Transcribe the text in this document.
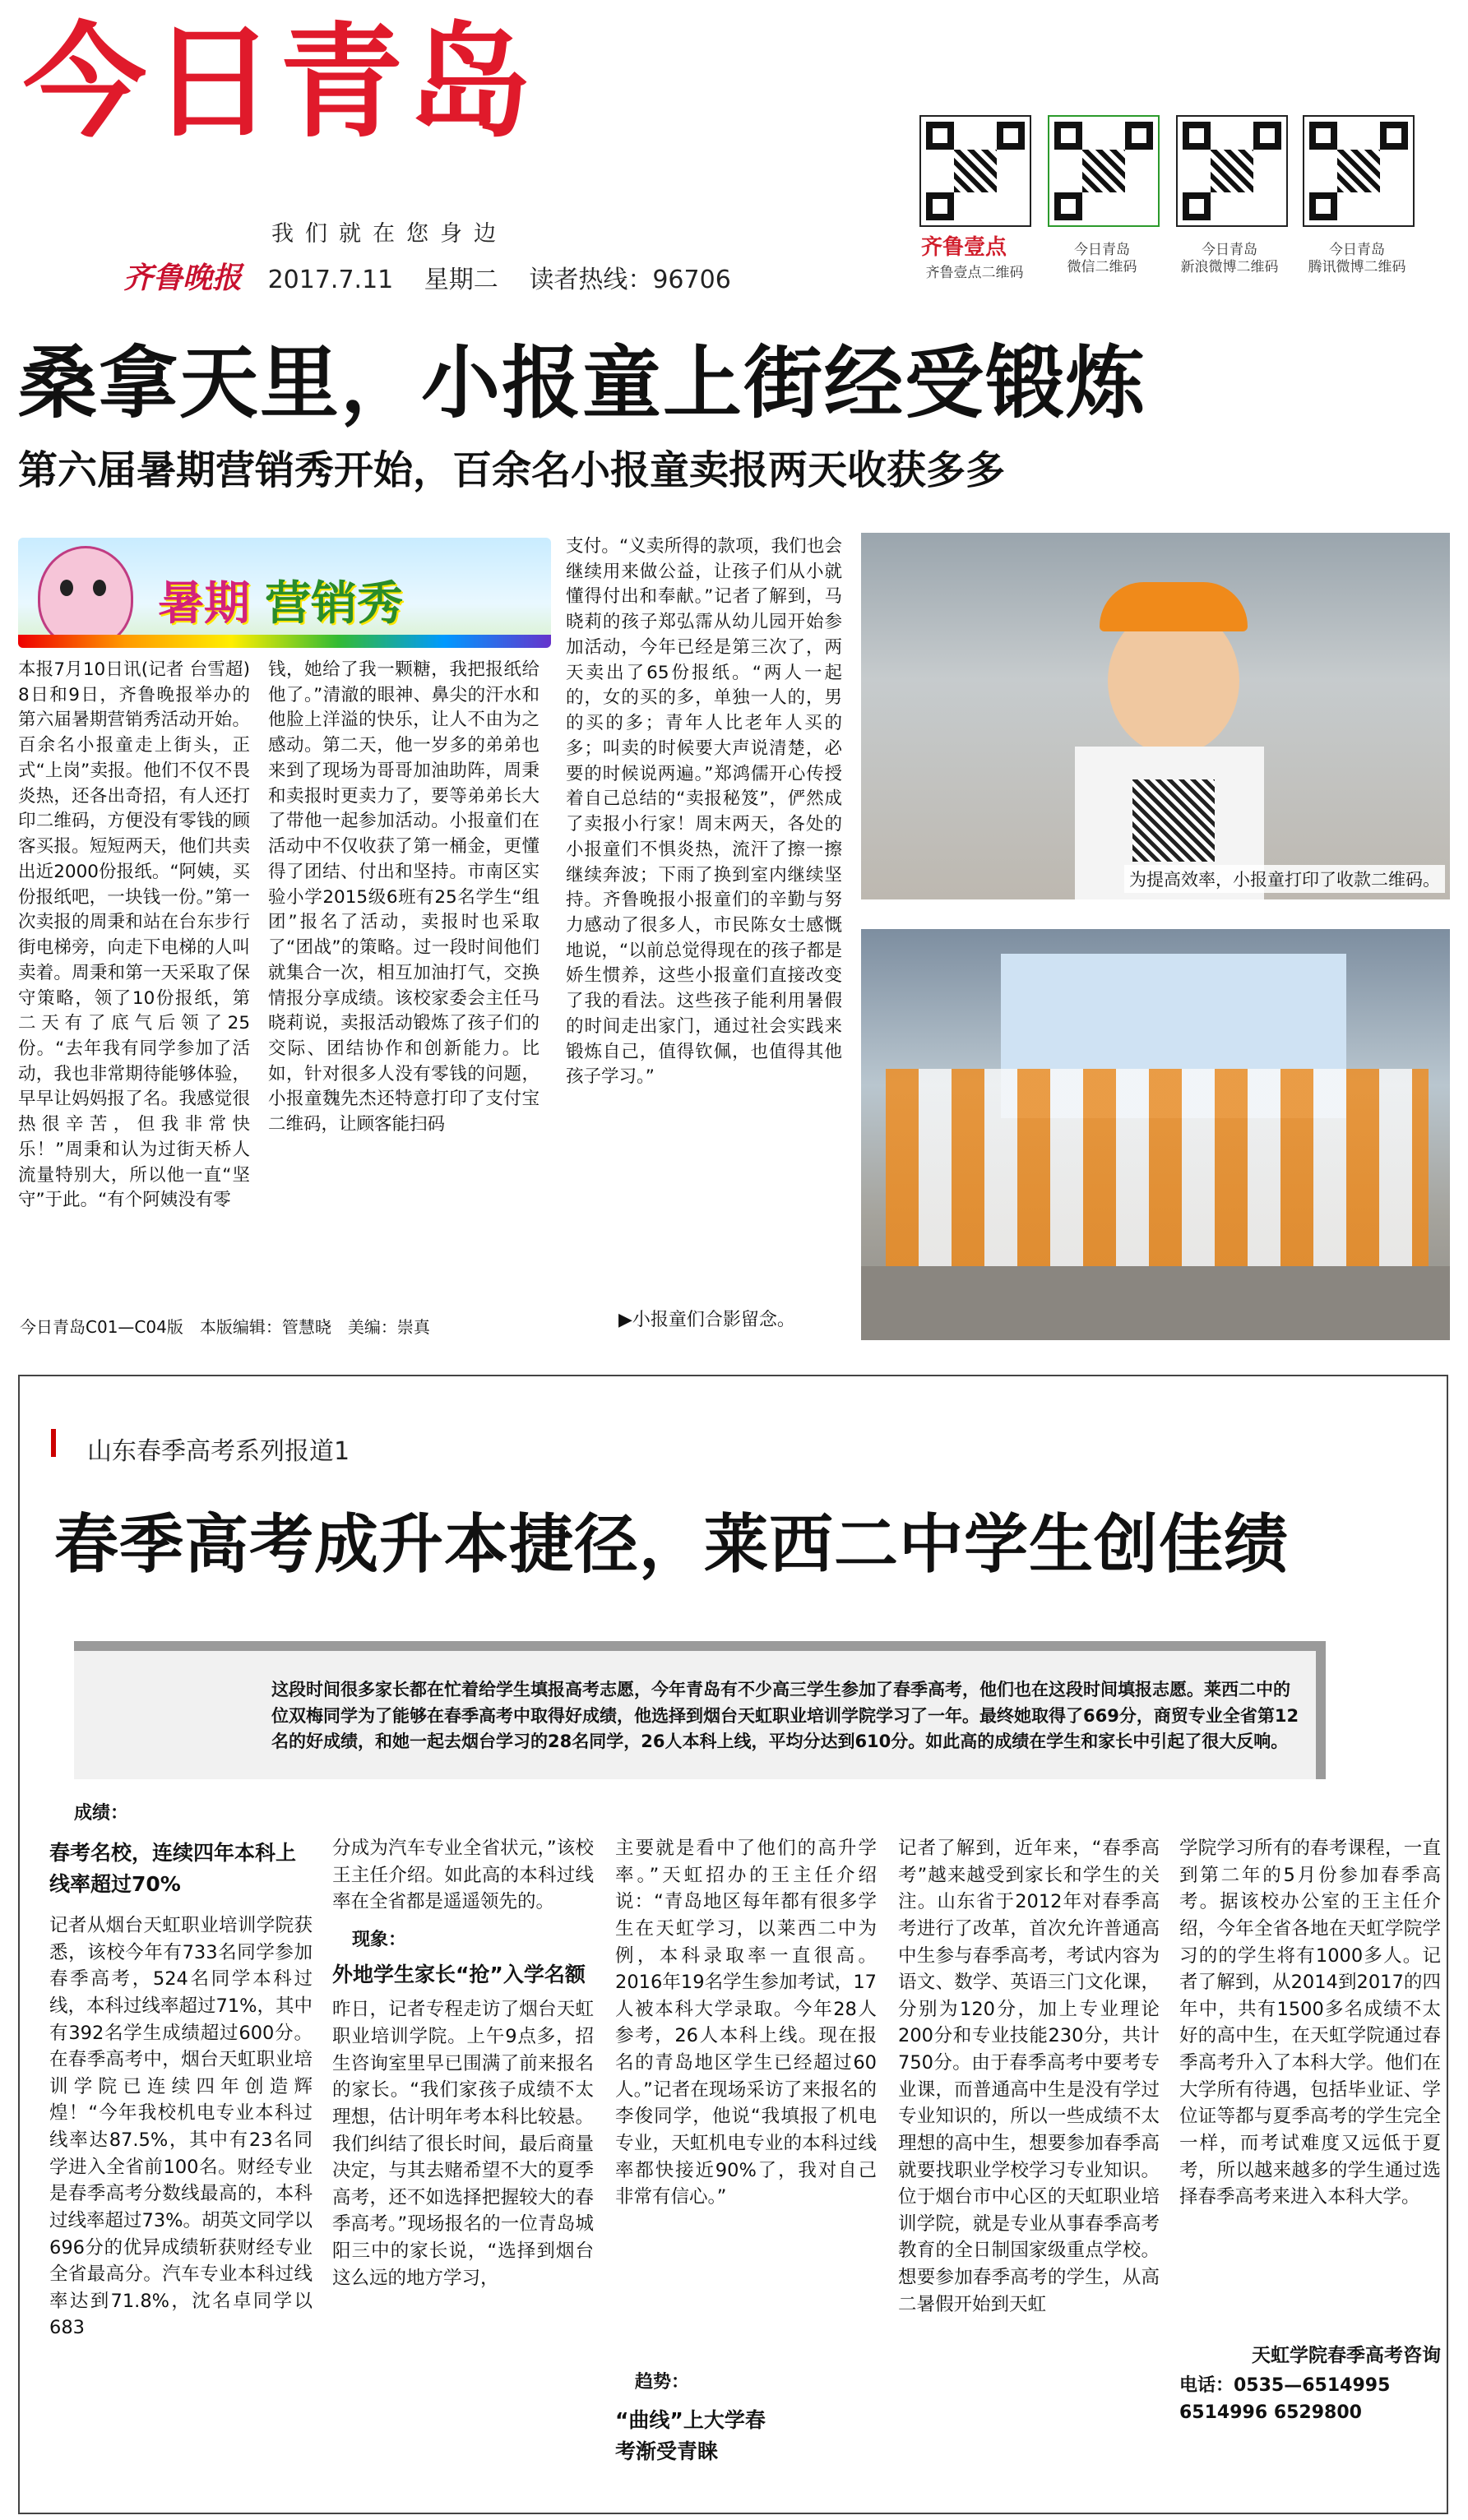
今日青岛
我们就在您身边
齐鲁晚报 2017.7.11 星期二 读者热线：96706
齐鲁壹点
齐鲁壹点二维码
今日青岛
微信二维码
今日青岛
新浪微博二维码
今日青岛
腾讯微博二维码
桑拿天里，小报童上街经受锻炼
第六届暑期营销秀开始，百余名小报童卖报两天收获多多
暑期 营销秀
本报7月10日讯(记者 台雪超) 8日和9日，齐鲁晚报举办的第六届暑期营销秀活动开始。百余名小报童走上街头，正式“上岗”卖报。他们不仅不畏炎热，还各出奇招，有人还打印二维码，方便没有零钱的顾客买报。短短两天，他们共卖出近2000份报纸。“阿姨，买份报纸吧，一块钱一份。”第一次卖报的周秉和站在台东步行街电梯旁，向走下电梯的人叫卖着。周秉和第一天采取了保守策略，领了10份报纸，第二天有了底气后领了25份。“去年我有同学参加了活动，我也非常期待能够体验，早早让妈妈报了名。我感觉很热很辛苦，但我非常快乐！”周秉和认为过街天桥人流量特别大，所以他一直“坚守”于此。“有个阿姨没有零
钱，她给了我一颗糖，我把报纸给他了。”清澈的眼神、鼻尖的汗水和他脸上洋溢的快乐，让人不由为之感动。第二天，他一岁多的弟弟也来到了现场为哥哥加油助阵，周秉和卖报时更卖力了，要等弟弟长大了带他一起参加活动。小报童们在活动中不仅收获了第一桶金，更懂得了团结、付出和坚持。市南区实验小学2015级6班有25名学生“组团”报名了活动，卖报时也采取了“团战”的策略。过一段时间他们就集合一次，相互加油打气，交换情报分享成绩。该校家委会主任马晓莉说，卖报活动锻炼了孩子们的交际、团结协作和创新能力。比如，针对很多人没有零钱的问题，小报童魏先杰还特意打印了支付宝二维码，让顾客能扫码
支付。“义卖所得的款项，我们也会继续用来做公益，让孩子们从小就懂得付出和奉献。”记者了解到，马晓莉的孩子郑弘霈从幼儿园开始参加活动，今年已经是第三次了，两天卖出了65份报纸。“两人一起的，女的买的多，单独一人的，男的买的多；青年人比老年人买的多；叫卖的时候要大声说清楚，必要的时候说两遍。”郑鸿儒开心传授着自己总结的“卖报秘笈”，俨然成了卖报小行家！周末两天，各处的小报童们不惧炎热，流汗了擦一擦继续奔波；下雨了换到室内继续坚持。齐鲁晚报小报童们的辛勤与努力感动了很多人，市民陈女士感慨地说，“以前总觉得现在的孩子都是娇生惯养，这些小报童们直接改变了我的看法。这些孩子能利用暑假的时间走出家门，通过社会实践来锻炼自己，值得钦佩，也值得其他孩子学习。”
为提高效率，小报童打印了收款二维码。
▶小报童们合影留念。
今日青岛C01—C04版　本版编辑：管慧晓　美编：崇真
山东春季高考系列报道1
春季高考成升本捷径，莱西二中学生创佳绩
这段时间很多家长都在忙着给学生填报高考志愿，今年青岛有不少高三学生参加了春季高考，他们也在这段时间填报志愿。莱西二中的位双梅同学为了能够在春季高考中取得好成绩，他选择到烟台天虹职业培训学院学习了一年。最终她取得了669分，商贸专业全省第12名的好成绩，和她一起去烟台学习的28名同学，26人本科上线，平均分达到610分。如此高的成绩在学生和家长中引起了很大反响。
成绩：
春考名校，连续四年本科上线率超过70%
记者从烟台天虹职业培训学院获悉，该校今年有733名同学参加春季高考，524名同学本科过线，本科过线率超过71%，其中有392名学生成绩超过600分。在春季高考中，烟台天虹职业培训学院已连续四年创造辉煌！“今年我校机电专业本科过线率达87.5%，其中有23名同学进入全省前100名。财经专业是春季高考分数线最高的，本科过线率超过73%。胡英文同学以696分的优异成绩斩获财经专业全省最高分。汽车专业本科过线率达到71.8%，沈名卓同学以683
分成为汽车专业全省状元，”该校王主任介绍。如此高的本科过线率在全省都是遥遥领先的。
现象：
外地学生家长“抢”入学名额
昨日，记者专程走访了烟台天虹职业培训学院。上午9点多，招生咨询室里早已围满了前来报名的家长。“我们家孩子成绩不太理想，估计明年考本科比较悬。我们纠结了很长时间，最后商量决定，与其去赌希望不大的夏季高考，还不如选择把握较大的春季高考。”现场报名的一位青岛城阳三中的家长说，“选择到烟台这么远的地方学习，
主要就是看中了他们的高升学率。”天虹招办的王主任介绍说：“青岛地区每年都有很多学生在天虹学习，以莱西二中为例，本科录取率一直很高。2016年19名学生参加考试，17人被本科大学录取。今年28人参考，26人本科上线。现在报名的青岛地区学生已经超过60人。”记者在现场采访了来报名的李俊同学，他说“我填报了机电专业，天虹机电专业的本科过线率都快接近90%了，我对自己非常有信心。”
趋势：
“曲线”上大学春考渐受青睐
记者了解到，近年来，“春季高考”越来越受到家长和学生的关注。山东省于2012年对春季高考进行了改革，首次允许普通高中生参与春季高考，考试内容为语文、数学、英语三门文化课，分别为120分，加上专业理论200分和专业技能230分，共计750分。由于春季高考中要考专业课，而普通高中生是没有学过专业知识的，所以一些成绩不太理想的高中生，想要参加春季高就要找职业学校学习专业知识。位于烟台市中心区的天虹职业培训学院，就是专业从事春季高考教育的全日制国家级重点学校。想要参加春季高考的学生，从高二暑假开始到天虹
学院学习所有的春考课程，一直到第二年的5月份参加春季高考。据该校办公室的王主任介绍，今年全省各地在天虹学院学习的的学生将有1000多人。记者了解到，从2014到2017的四年中，共有1500多名成绩不太好的高中生，在天虹学院通过春季高考升入了本科大学。他们在大学所有待遇，包括毕业证、学位证等都与夏季高考的学生完全一样，而考试难度又远低于夏考，所以越来越多的学生通过选择春季高考来进入本科大学。
天虹学院春季高考咨询
电话：0535—6514995 6514996 6529800
